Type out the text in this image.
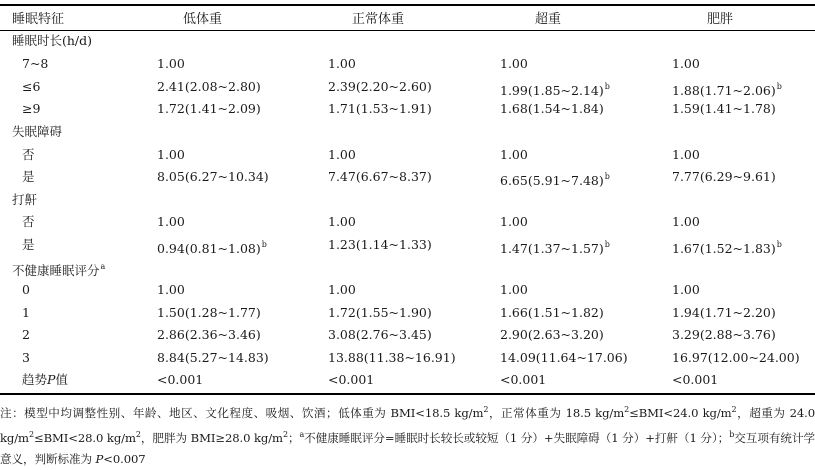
睡眠特征	低体重	正常体重	超重	肥胖
睡眠时长(h/d)
7~8	1.00	1.00	1.00	1.00
≤6	2.41(2.08~2.80)	2.39(2.20~2.60)	1.99(1.85~2.14)$^b$	1.88(1.71~2.06)$^b$
≥9	1.72(1.41~2.09)	1.71(1.53~1.91)	1.68(1.54~1.84)	1.59(1.41~1.78)
失眠障碍
否	1.00	1.00	1.00	1.00
是	8.05(6.27~10.34)	7.47(6.67~8.37)	6.65(5.91~7.48)$^b$	7.77(6.29~9.61)
打鼾
否	1.00	1.00	1.00	1.00
是	0.94(0.81~1.08)$^b$	1.23(1.14~1.33)	1.47(1.37~1.57)$^b$	1.67(1.52~1.83)$^b$
不健康睡眠评分$^a$
0	1.00	1.00	1.00	1.00
1	1.50(1.28~1.77)	1.72(1.55~1.90)	1.66(1.51~1.82)	1.94(1.71~2.20)
2	2.86(2.36~3.46)	3.08(2.76~3.45)	2.90(2.63~3.20)	3.29(2.88~3.76)
3	8.84(5.27~14.83)	13.88(11.38~16.91)	14.09(11.64~17.06)	16.97(12.00~24.00)
趋势P值	<0.001	<0.001	<0.001	<0.001
注：模型中均调整性别、年龄、地区、文化程度、吸烟、饮酒；低体重为 BMI<18.5 $kg/m^2$，正常体重为 18.5 $kg/m^2\le BMI<24.0$ $kg/m^2$，超重为 24.0 $kg/m^2\le BMI<28.0$ $kg/m^2$，肥胖为 BMI≥28.0 $kg/m^2$；$^a$不健康睡眠评分=睡眠时长较长或较短（1 分）+失眠障碍（1 分）+打鼾（1 分）；$^b$交互项有统计学意义，判断标准为 P<0.007
